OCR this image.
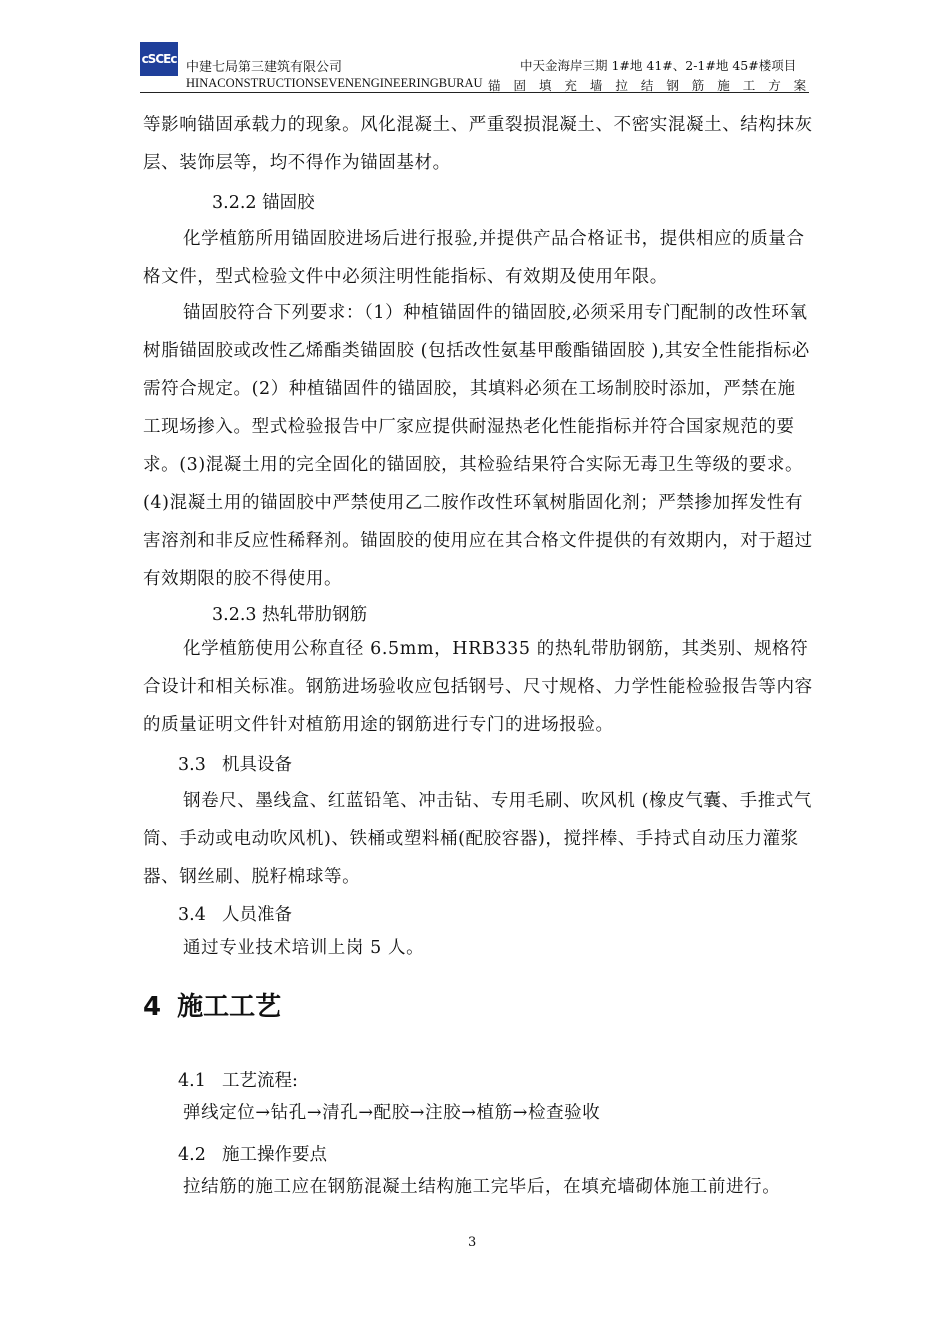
cSCEc
中建七局第三建筑有限公司	中天金海岸三期 1#地 41#、2-1#地 45#楼项目
HINACONSTRUCTIONSEVENENGINEERINGBURAU 锚 固 填 充 墙 拉 结 钢 筋 施 工 方 案

等影响锚固承载力的现象。风化混凝土、严重裂损混凝土、不密实混凝土、结构抹灰层、装饰层等，均不得作为锚固基材。

3.2.2 锚固胶

化学植筋所用锚固胶进场后进行报验,并提供产品合格证书，提供相应的质量合格文件，型式检验文件中必须注明性能指标、有效期及使用年限。

锚固胶符合下列要求：（1）种植锚固件的锚固胶,必须采用专门配制的改性环氧树脂锚固胶或改性乙烯酯类锚固胶 (包括改性氨基甲酸酯锚固胶 ),其安全性能指标必需符合规定。(2）种植锚固件的锚固胶，其填料必须在工场制胶时添加，严禁在施工现场掺入。型式检验报告中厂家应提供耐湿热老化性能指标并符合国家规范的要求。(3)混凝土用的完全固化的锚固胶，其检验结果符合实际无毒卫生等级的要求。(4)混凝土用的锚固胶中严禁使用乙二胺作改性环氧树脂固化剂；严禁掺加挥发性有害溶剂和非反应性稀释剂。锚固胶的使用应在其合格文件提供的有效期内，对于超过有效期限的胶不得使用。

3.2.3 热轧带肋钢筋

化学植筋使用公称直径 6.5mm，HRB335 的热轧带肋钢筋，其类别、规格符合设计和相关标准。钢筋进场验收应包括钢号、尺寸规格、力学性能检验报告等内容的质量证明文件针对植筋用途的钢筋进行专门的进场报验。

3.3 机具设备

钢卷尺、墨线盒、红蓝铅笔、冲击钻、专用毛刷、吹风机 (橡皮气囊、手推式气筒、手动或电动吹风机)、铁桶或塑料桶(配胶容器)，搅拌棒、手持式自动压力灌浆器、钢丝刷、脱籽棉球等。

3.4 人员准备

通过专业技术培训上岗 5 人。

4 施工工艺
4.1 工艺流程:

弹线定位→钻孔→清孔→配胶→注胶→植筋→检查验收

4.2 施工操作要点

拉结筋的施工应在钢筋混凝土结构施工完毕后，在填充墙砌体施工前进行。

3
